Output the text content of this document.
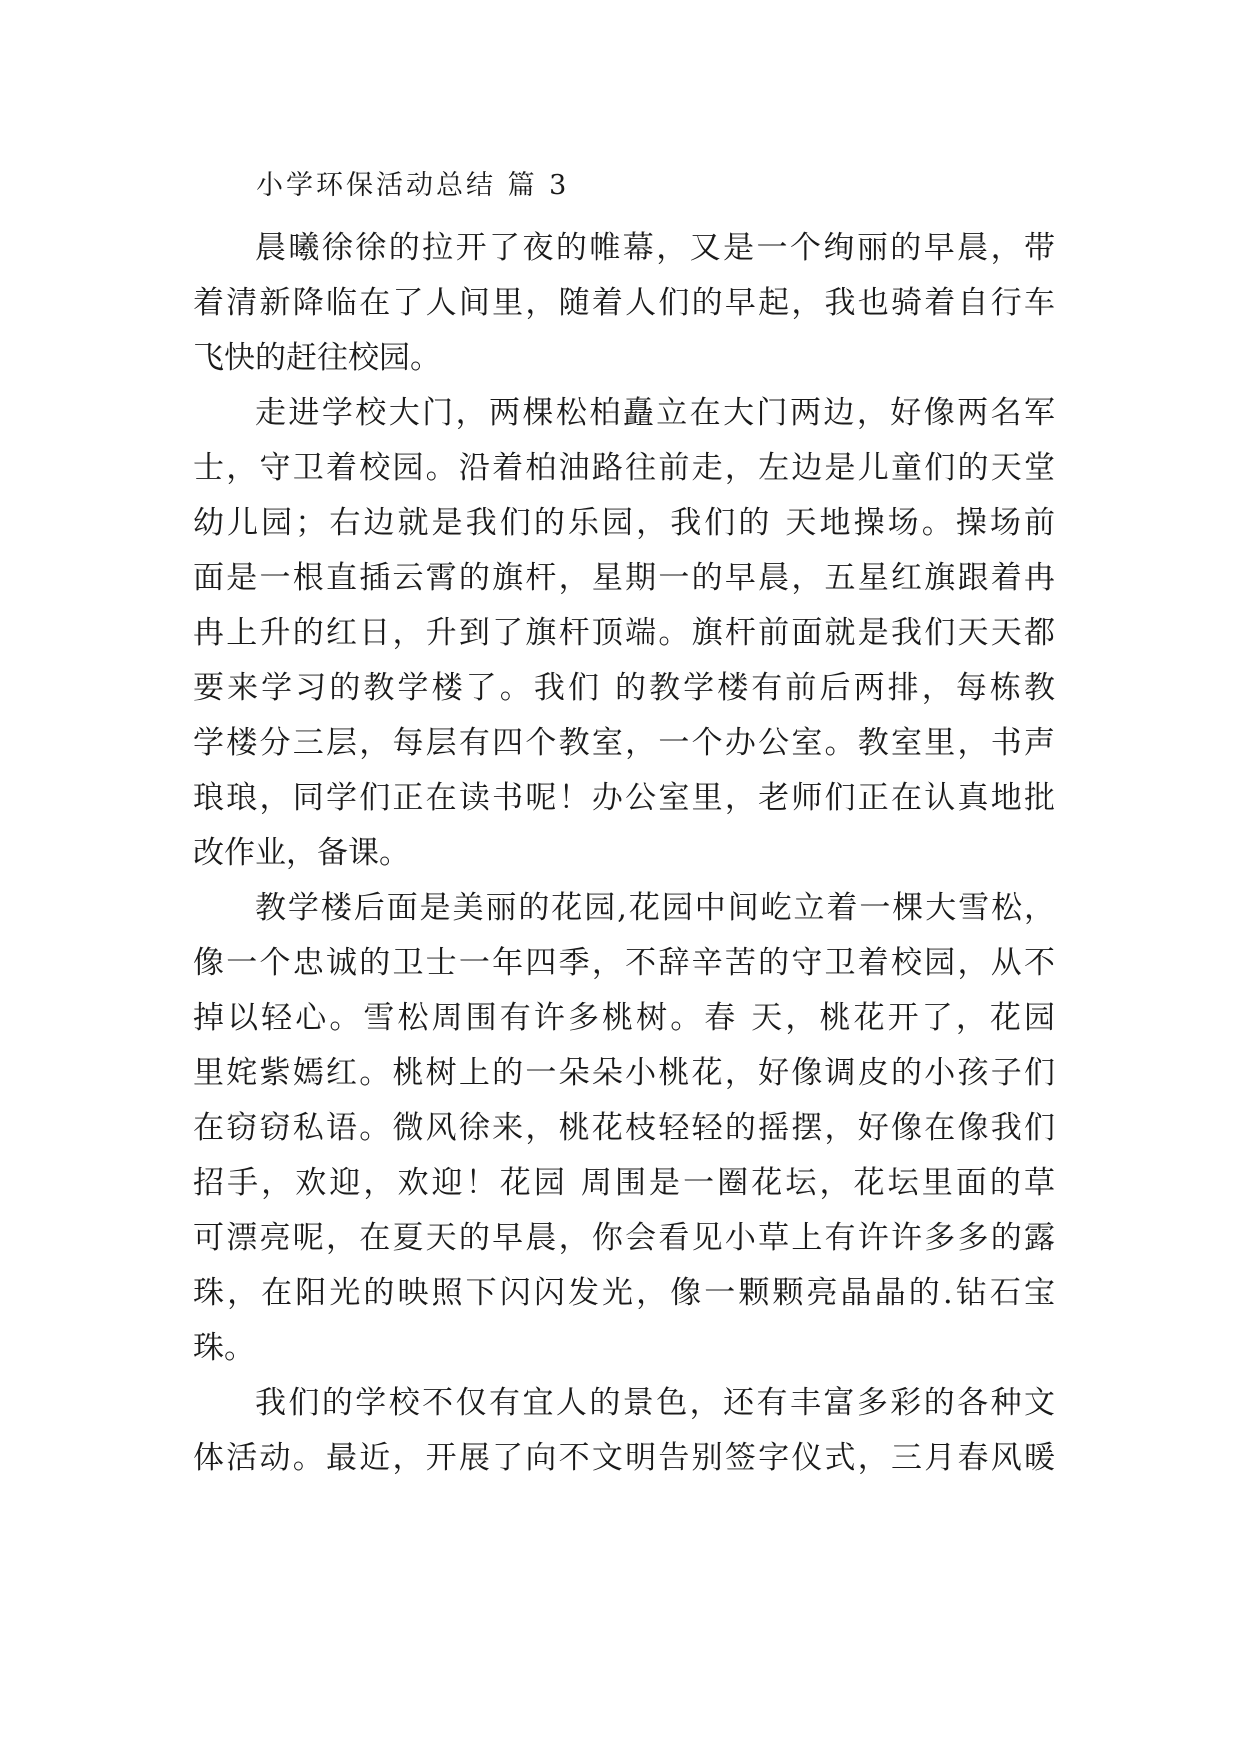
小学环保活动总结 篇 3

晨曦徐徐的拉开了夜的帷幕，又是一个绚丽的早晨，带
着清新降临在了人间里，随着人们的早起，我也骑着自行车
飞快的赶往校园。

走进学校大门，两棵松柏矗立在大门两边，好像两名军
士，守卫着校园。沿着柏油路往前走，左边是儿童们的天堂
幼儿园；右边就是我们的乐园，我们的 天地操场。操场前
面是一根直插云霄的旗杆，星期一的早晨，五星红旗跟着冉
冉上升的红日，升到了旗杆顶端。旗杆前面就是我们天天都
要来学习的教学楼了。我们 的教学楼有前后两排，每栋教
学楼分三层，每层有四个教室，一个办公室。教室里，书声
琅琅，同学们正在读书呢！办公室里，老师们正在认真地批
改作业，备课。

教学楼后面是美丽的花园,花园中间屹立着一棵大雪松，
像一个忠诚的卫士一年四季，不辞辛苦的守卫着校园，从不
掉以轻心。雪松周围有许多桃树。春 天，桃花开了，花园
里姹紫嫣红。桃树上的一朵朵小桃花，好像调皮的小孩子们
在窃窃私语。微风徐来，桃花枝轻轻的摇摆，好像在像我们
招手，欢迎，欢迎！花园 周围是一圈花坛，花坛里面的草
可漂亮呢，在夏天的早晨，你会看见小草上有许许多多的露
珠，在阳光的映照下闪闪发光，像一颗颗亮晶晶的.钻石宝
珠。

我们的学校不仅有宜人的景色，还有丰富多彩的各种文
体活动。最近，开展了向不文明告别签字仪式，三月春风暖
